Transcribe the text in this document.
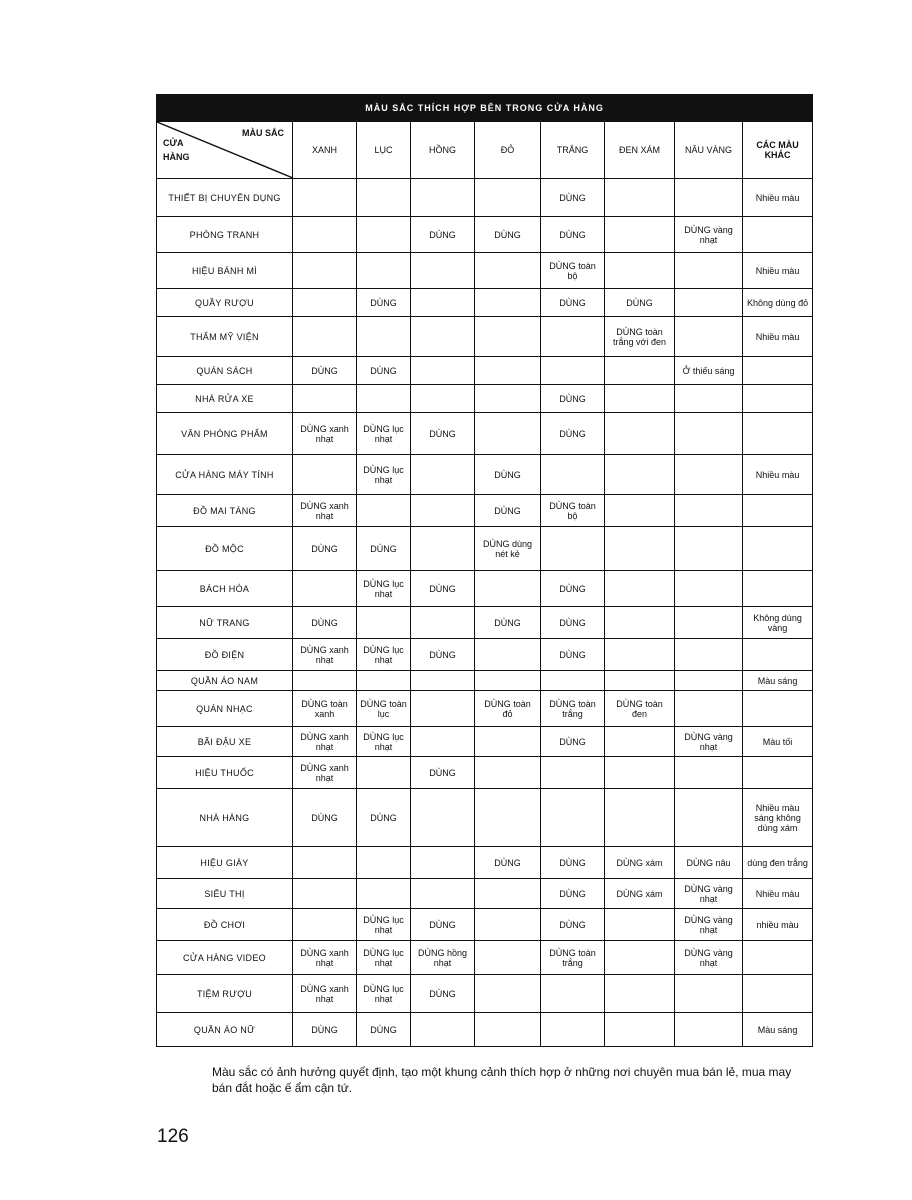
MÀU SẮC THÍCH HỢP BÊN TRONG CỬA HÀNG								

MÀU SẮC
CỬA
HÀNG	XANH	LỤC	HỒNG	ĐỎ	TRẮNG	ĐEN XÁM	NÂU VÀNG	CÁC MÀU KHÁC
THIẾT BỊ CHUYÊN DỤNG					DÙNG			Nhiều màu
PHÒNG TRANH			DÙNG	DÙNG	DÙNG		DÙNG vàng nhạt	
HIỆU BÁNH MÌ					DÙNG toàn bộ			Nhiều màu
QUẦY RƯỢU		DÙNG			DÙNG	DÙNG		Không dùng đỏ
THẨM MỸ VIỆN						DÙNG toàn trắng với đen		Nhiều màu
QUÁN SÁCH	DÙNG	DÙNG					Ở thiếu sáng	
NHÀ RỬA XE					DÙNG			
VĂN PHÒNG PHẨM	DÙNG xanh nhạt	DÙNG lục nhạt	DÙNG		DÙNG			
CỬA HÀNG MÁY TÍNH		DÙNG lục nhạt		DÙNG				Nhiều màu
ĐỒ MAI TÁNG	DÙNG xanh nhạt			DÙNG	DÙNG toàn bộ			
ĐỒ MỘC	DÙNG	DÙNG		DÙNG dùng nét kẻ				
BÁCH HÓA		DÙNG lục nhạt	DÙNG		DÙNG			
NỮ TRANG	DÙNG			DÙNG	DÙNG			Không dùng vàng
ĐỒ ĐIỆN	DÙNG xanh nhạt	DÙNG lục nhạt	DÙNG		DÙNG			
QUẦN ÁO NAM								Màu sáng
QUÁN NHẠC	DÙNG toàn xanh	DÙNG toàn lục		DÙNG toàn đỏ	DÙNG toàn trắng	DÙNG toàn đen		
BÃI ĐẬU XE	DÙNG xanh nhạt	DÙNG lục nhạt			DÙNG		DÙNG vàng nhạt	Màu tối
HIỆU THUỐC	DÙNG xanh nhạt		DÙNG					
NHÀ HÀNG	DÙNG	DÙNG						Nhiều màu sáng không dùng xám
HIỆU GIÀY				DÙNG	DÙNG	DÙNG xám	DÙNG nâu	dùng đen trắng
SIÊU THỊ					DÙNG	DÙNG xám	DÙNG vàng nhạt	Nhiều màu
ĐỒ CHƠI		DÙNG lục nhạt	DÙNG		DÙNG		DÙNG vàng nhạt	nhiều màu
CỬA HÀNG VIDEO	DÙNG xanh nhạt	DÙNG lục nhạt	DÙNG hồng nhạt		DÙNG toàn trắng		DÙNG vàng nhạt	
TIỆM RƯỢU	DÙNG xanh nhạt	DÙNG lục nhạt	DÙNG					
QUẦN ÁO NỮ	DÙNG	DÙNG						Màu sáng
Màu sắc có ảnh hưởng quyết định, tạo một khung cảnh thích hợp ở những nơi chuyên mua bán lẻ, mua may bán đắt hoặc ế ẩm cận tứ.
126
